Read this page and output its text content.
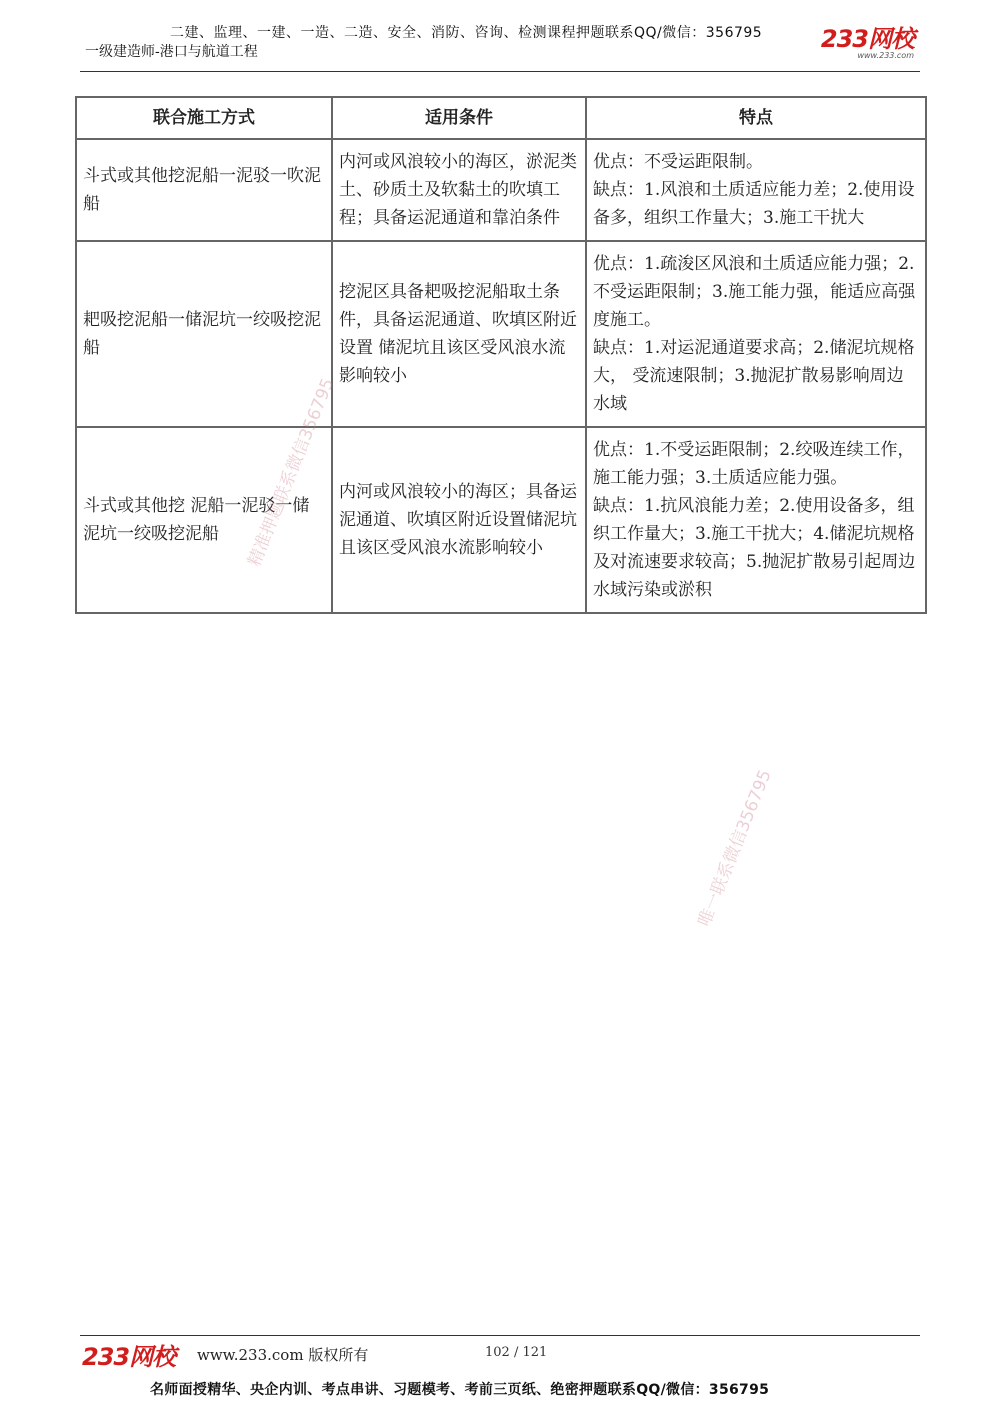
二建、监理、一建、一造、二造、安全、消防、咨询、检测课程押题联系QQ/微信：356795
一级建造师-港口与航道工程	233网校
www.233.com
联合施工方式	适用条件	特点
斗式或其他挖泥船一泥驳一吹泥船	内河或风浪较小的海区，淤泥类土、砂质土及软黏土的吹填工程；具备运泥通道和靠泊条件	优点：不受运距限制。
缺点：1.风浪和土质适应能力差；2.使用设备多，组织工作量大；3.施工干扰大

耙吸挖泥船一储泥坑一绞吸挖泥船	挖泥区具备耙吸挖泥船取土条件，具备运泥通道、吹填区附近设置 储泥坑且该区受风浪水流影响较小	优点：1.疏浚区风浪和土质适应能力强；2.不受运距限制；3.施工能力强，能适应高强度施工。
缺点：1.对运泥通道要求高；2.储泥坑规格大， 受流速限制；3.抛泥扩散易影响周边水域

斗式或其他挖 泥船一泥驳一储泥坑一绞吸挖泥船	内河或风浪较小的海区；具备运泥通道、吹填区附近设置储泥坑且该区受风浪水流影响较小	优点：1.不受运距限制；2.绞吸连续工作，施工能力强；3.土质适应能力强。
缺点：1.抗风浪能力差；2.使用设备多，组织工作量大；3.施工干扰大；4.储泥坑规格及对流速要求较高；5.抛泥扩散易引起周边水域污染或淤积
精准押题联系微信356795
唯一联系微信356795
233网校 www.233.com 版权所有	102 / 121
名师面授精华、央企内训、考点串讲、习题模考、考前三页纸、绝密押题联系QQ/微信：356795
